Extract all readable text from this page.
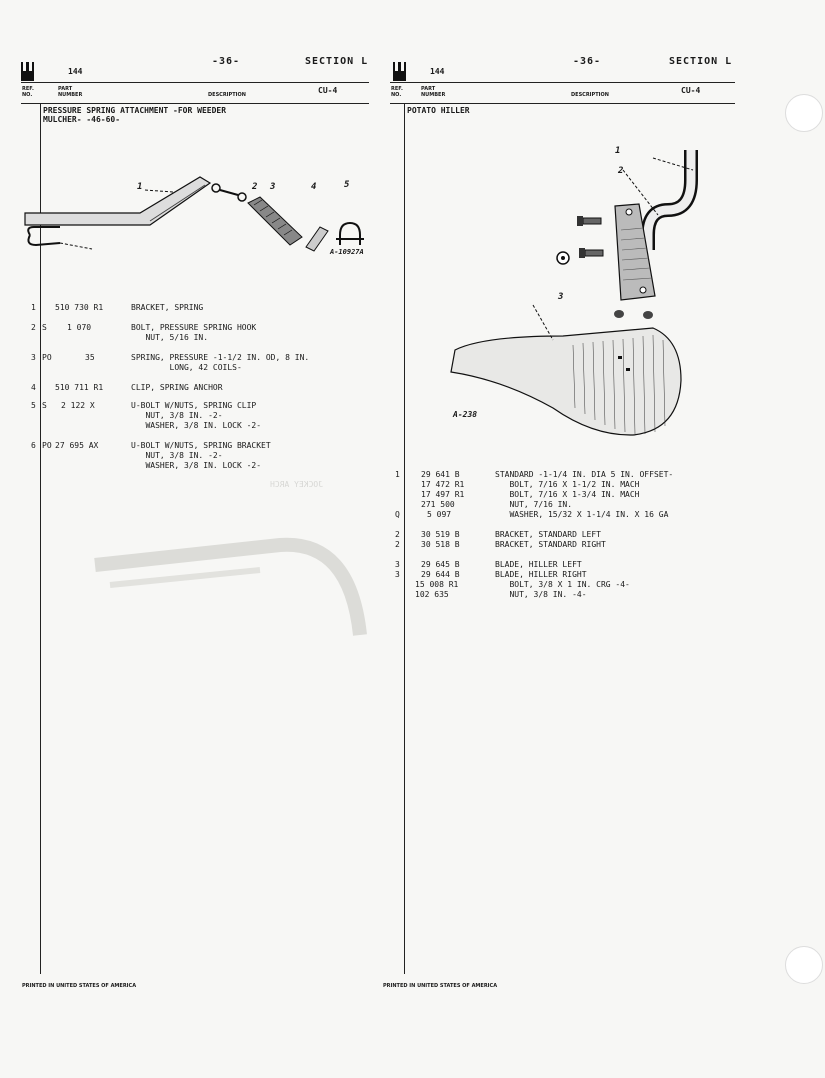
-36-	SECTION L
144
REF.
NO.
PART
NUMBER	DESCRIPTION	CU-4
PRESSURE SPRING ATTACHMENT -FOR WEEDER
MULCHER- -46-60-
JOCKEY ARCH
1	2 3	4	5
A-10927A

1 510 730 R1	BRACKET, SPRING

2 S	1 070	BOLT, PRESSURE SPRING HOOK
NUT, 5/16 IN.

3 PO	35	SPRING, PRESSURE -1-1/2 IN. OD, 8 IN.
LONG, 42 COILS-

4 510 711 R1	CLIP, SPRING ANCHOR

5 S 2 122 X	U-BOLT W/NUTS, SPRING CLIP
NUT, 3/8 IN. -2-
WASHER, 3/8 IN. LOCK -2-

6 PO 27 695 AX	U-BOLT W/NUTS, SPRING BRACKET
NUT, 3/8 IN. -2-
WASHER, 3/8 IN. LOCK -2-

PRINTED IN UNITED STATES OF AMERICA
-36-	SECTION L
144
REF.
NO.
PART
NUMBER	DESCRIPTION	CU-4
POTATO HILLER
1
2
3
A-238
1	29 641 B	STANDARD -1-1/4 IN. DIA 5 IN. OFFSET-
17 472 R1	BOLT, 7/16 X 1-1/2 IN. MACH
17 497 R1	BOLT, 7/16 X 1-3/4 IN. MACH
271 500	NUT, 7/16 IN.
Q	5 097	WASHER, 15/32 X 1-1/4 IN. X 16 GA
2	30 519 B	BRACKET, STANDARD LEFT
2	30 518 B	BRACKET, STANDARD RIGHT
3	29 645 B	BLADE, HILLER LEFT
3	29 644 B	BLADE, HILLER RIGHT
15 008 R1	BOLT, 3/8 X 1 IN. CRG -4-
102 635	NUT, 3/8 IN. -4-
PRINTED IN UNITED STATES OF AMERICA
